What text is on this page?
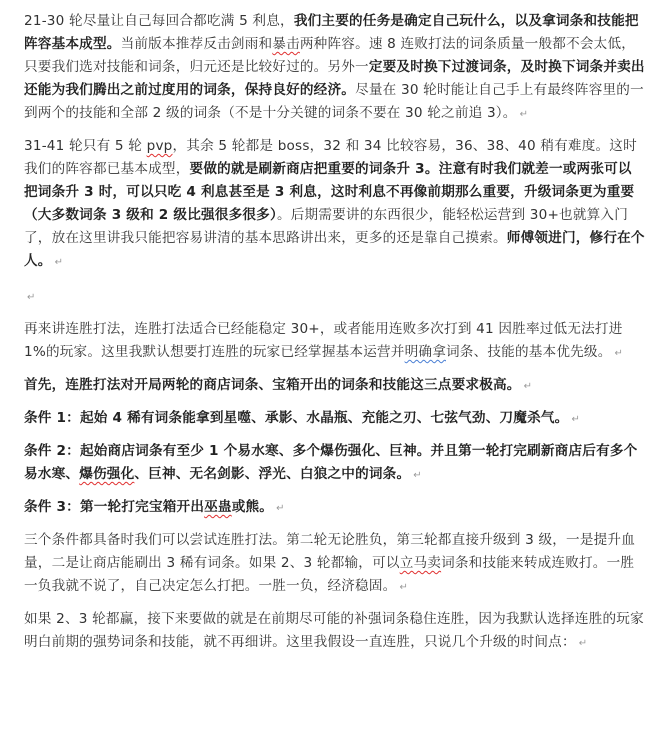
21-30 轮尽量让自己每回合都吃满 5 利息，我们主要的任务是确定自己玩什么，以及拿词条和技能把阵容基本成型。当前版本推荐反击剑雨和暴击两种阵容。速 8 连败打法的词条质量一般都不会太低，只要我们选对技能和词条，归元还是比较好过的。另外一定要及时换下过渡词条，及时换下词条并卖出还能为我们腾出之前过度用的词条，保持良好的经济。尽量在 30 轮时能让自己手上有最终阵容里的一到两个的技能和全部 2 级的词条（不是十分关键的词条不要在 30 轮之前追 3）。 ↵

31-41 轮只有 5 轮 pvp，其余 5 轮都是 boss，32 和 34 比较容易，36、38、40 稍有难度。这时我们的阵容都已基本成型，要做的就是刷新商店把重要的词条升 3。注意有时我们就差一或两张可以把词条升 3 时，可以只吃 4 利息甚至是 3 利息，这时利息不再像前期那么重要，升级词条更为重要（大多数词条 3 级和 2 级比强很多很多）。后期需要讲的东西很少，能轻松运营到 30+也就算入门了，放在这里讲我只能把容易讲清的基本思路讲出来，更多的还是靠自己摸索。师傅领进门，修行在个人。 ↵

↵

再来讲连胜打法，连胜打法适合已经能稳定 30+，或者能用连败多次打到 41 因胜率过低无法打进 1%的玩家。这里我默认想要打连胜的玩家已经掌握基本运营并明确拿词条、技能的基本优先级。 ↵

首先，连胜打法对开局两轮的商店词条、宝箱开出的词条和技能这三点要求极高。 ↵

条件 1：起始 4 稀有词条能拿到星噬、承影、水晶瓶、充能之刃、七弦气劲、刀魔杀气。 ↵

条件 2：起始商店词条有至少 1 个易水寒、多个爆伤强化、巨神。并且第一轮打完刷新商店后有多个易水寒、爆伤强化、巨神、无名剑影、浮光、白狼之中的词条。 ↵

条件 3：第一轮打完宝箱开出巫蛊或熊。 ↵

三个条件都具备时我们可以尝试连胜打法。第二轮无论胜负，第三轮都直接升级到 3 级，一是提升血量，二是让商店能刷出 3 稀有词条。如果 2、3 轮都输，可以立马卖词条和技能来转成连败打。一胜一负我就不说了，自己决定怎么打把。一胜一负，经济稳固。 ↵

如果 2、3 轮都赢，接下来要做的就是在前期尽可能的补强词条稳住连胜，因为我默认选择连胜的玩家明白前期的强势词条和技能，就不再细讲。这里我假设一直连胜，只说几个升级的时间点： ↵
